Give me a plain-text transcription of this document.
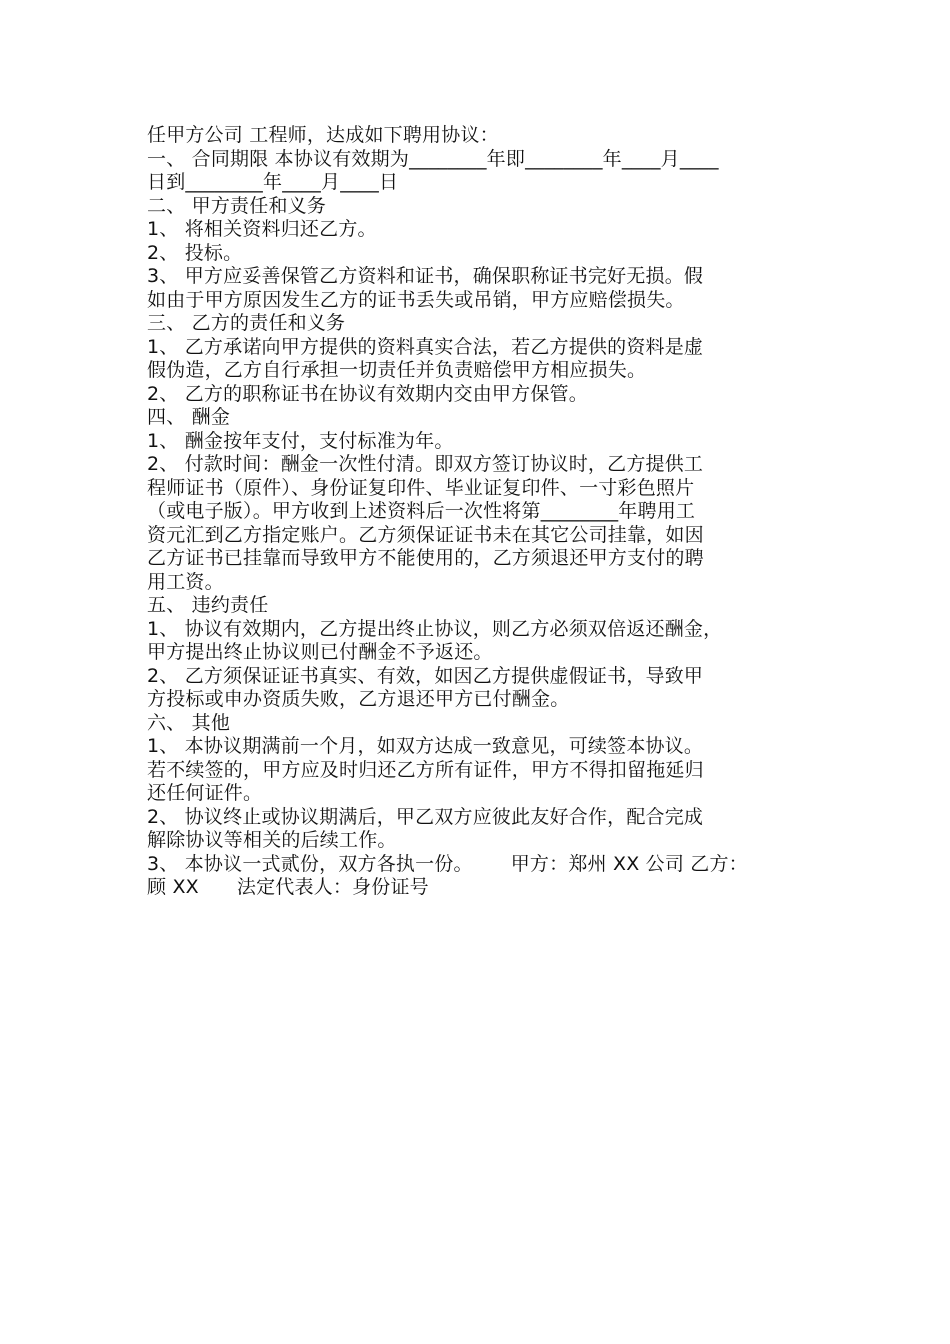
任甲方公司 工程师，达成如下聘用协议：
一、 合同期限 本协议有效期为________年即________年____月____
日到________年____月____日
二、 甲方责任和义务
1、 将相关资料归还乙方。
2、 投标。
3、 甲方应妥善保管乙方资料和证书，确保职称证书完好无损。假
如由于甲方原因发生乙方的证书丢失或吊销，甲方应赔偿损失。
三、 乙方的责任和义务
1、 乙方承诺向甲方提供的资料真实合法，若乙方提供的资料是虚
假伪造，乙方自行承担一切责任并负责赔偿甲方相应损失。
2、 乙方的职称证书在协议有效期内交由甲方保管。
四、 酬金
1、 酬金按年支付，支付标准为年。
2、 付款时间：酬金一次性付清。即双方签订协议时，乙方提供工
程师证书（原件）、身份证复印件、毕业证复印件、一寸彩色照片
（或电子版）。甲方收到上述资料后一次性将第________年聘用工
资元汇到乙方指定账户。乙方须保证证书未在其它公司挂靠，如因
乙方证书已挂靠而导致甲方不能使用的，乙方须退还甲方支付的聘
用工资。
五、 违约责任
1、 协议有效期内，乙方提出终止协议，则乙方必须双倍返还酬金，
甲方提出终止协议则已付酬金不予返还。
2、 乙方须保证证书真实、有效，如因乙方提供虚假证书，导致甲
方投标或申办资质失败，乙方退还甲方已付酬金。
六、 其他
1、 本协议期满前一个月，如双方达成一致意见，可续签本协议。
若不续签的，甲方应及时归还乙方所有证件，甲方不得扣留拖延归
还任何证件。
2、 协议终止或协议期满后，甲乙双方应彼此友好合作，配合完成
解除协议等相关的后续工作。
3、 本协议一式贰份，双方各执一份。 甲方：郑州 XX 公司 乙方：
顾 XX 法定代表人：身份证号
